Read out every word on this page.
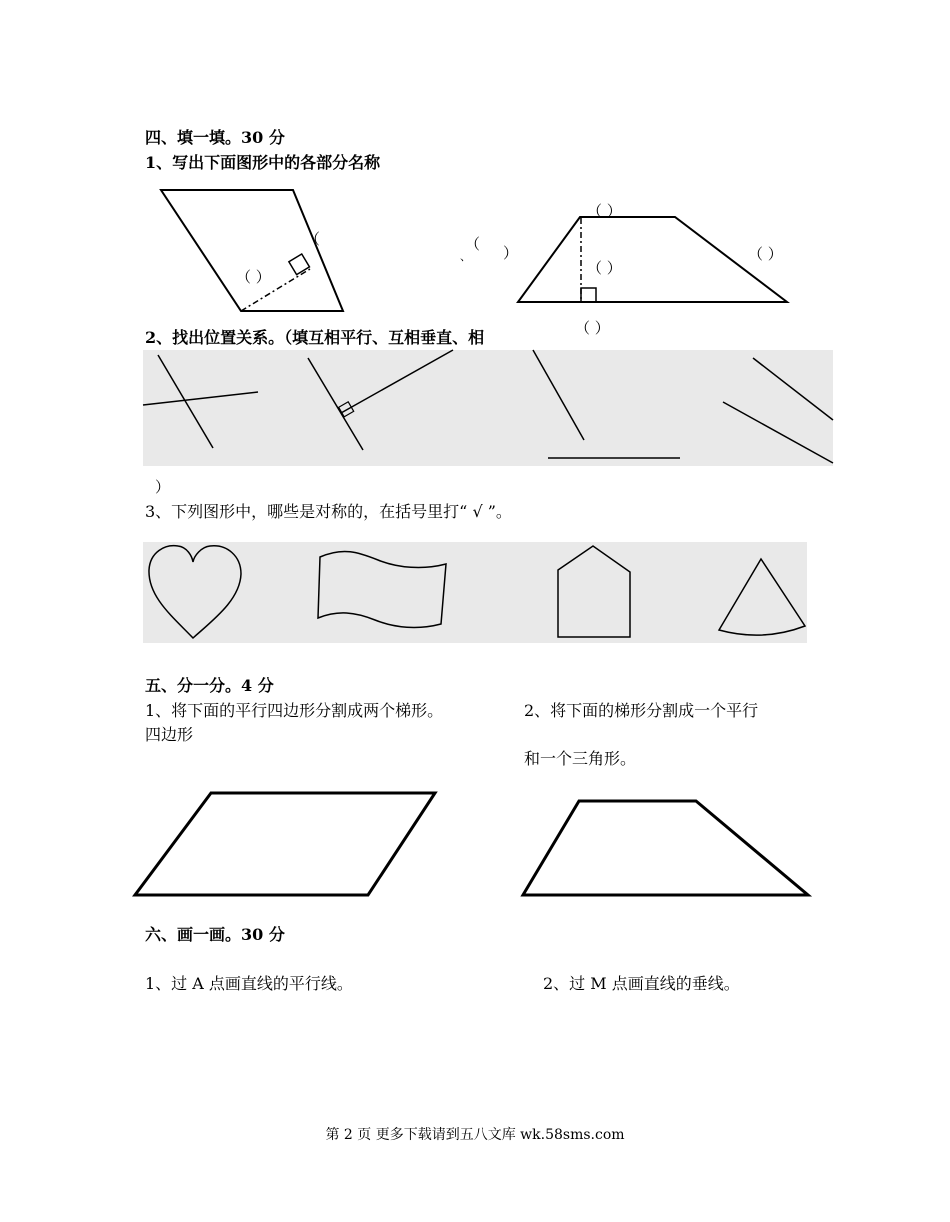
四、填一填。30 分
1、写出下面图形中的各部分名称
（
（ ）
（
、 ）
（ ）
（ ）
（ ）
（ ）
2、找出位置关系。（填互相平行、互相垂直、相
）
3、下列图形中，哪些是对称的，在括号里打“ √ ”。
五、分一分。4 分
1、将下面的平行四边形分割成两个梯形。
四边形
2、将下面的梯形分割成一个平行
和一个三角形。
六、画一画。30 分
1、过 A 点画直线的平行线。	2、过 M 点画直线的垂线。
第 2 页 更多下载请到五八文库 wk.58sms.com
